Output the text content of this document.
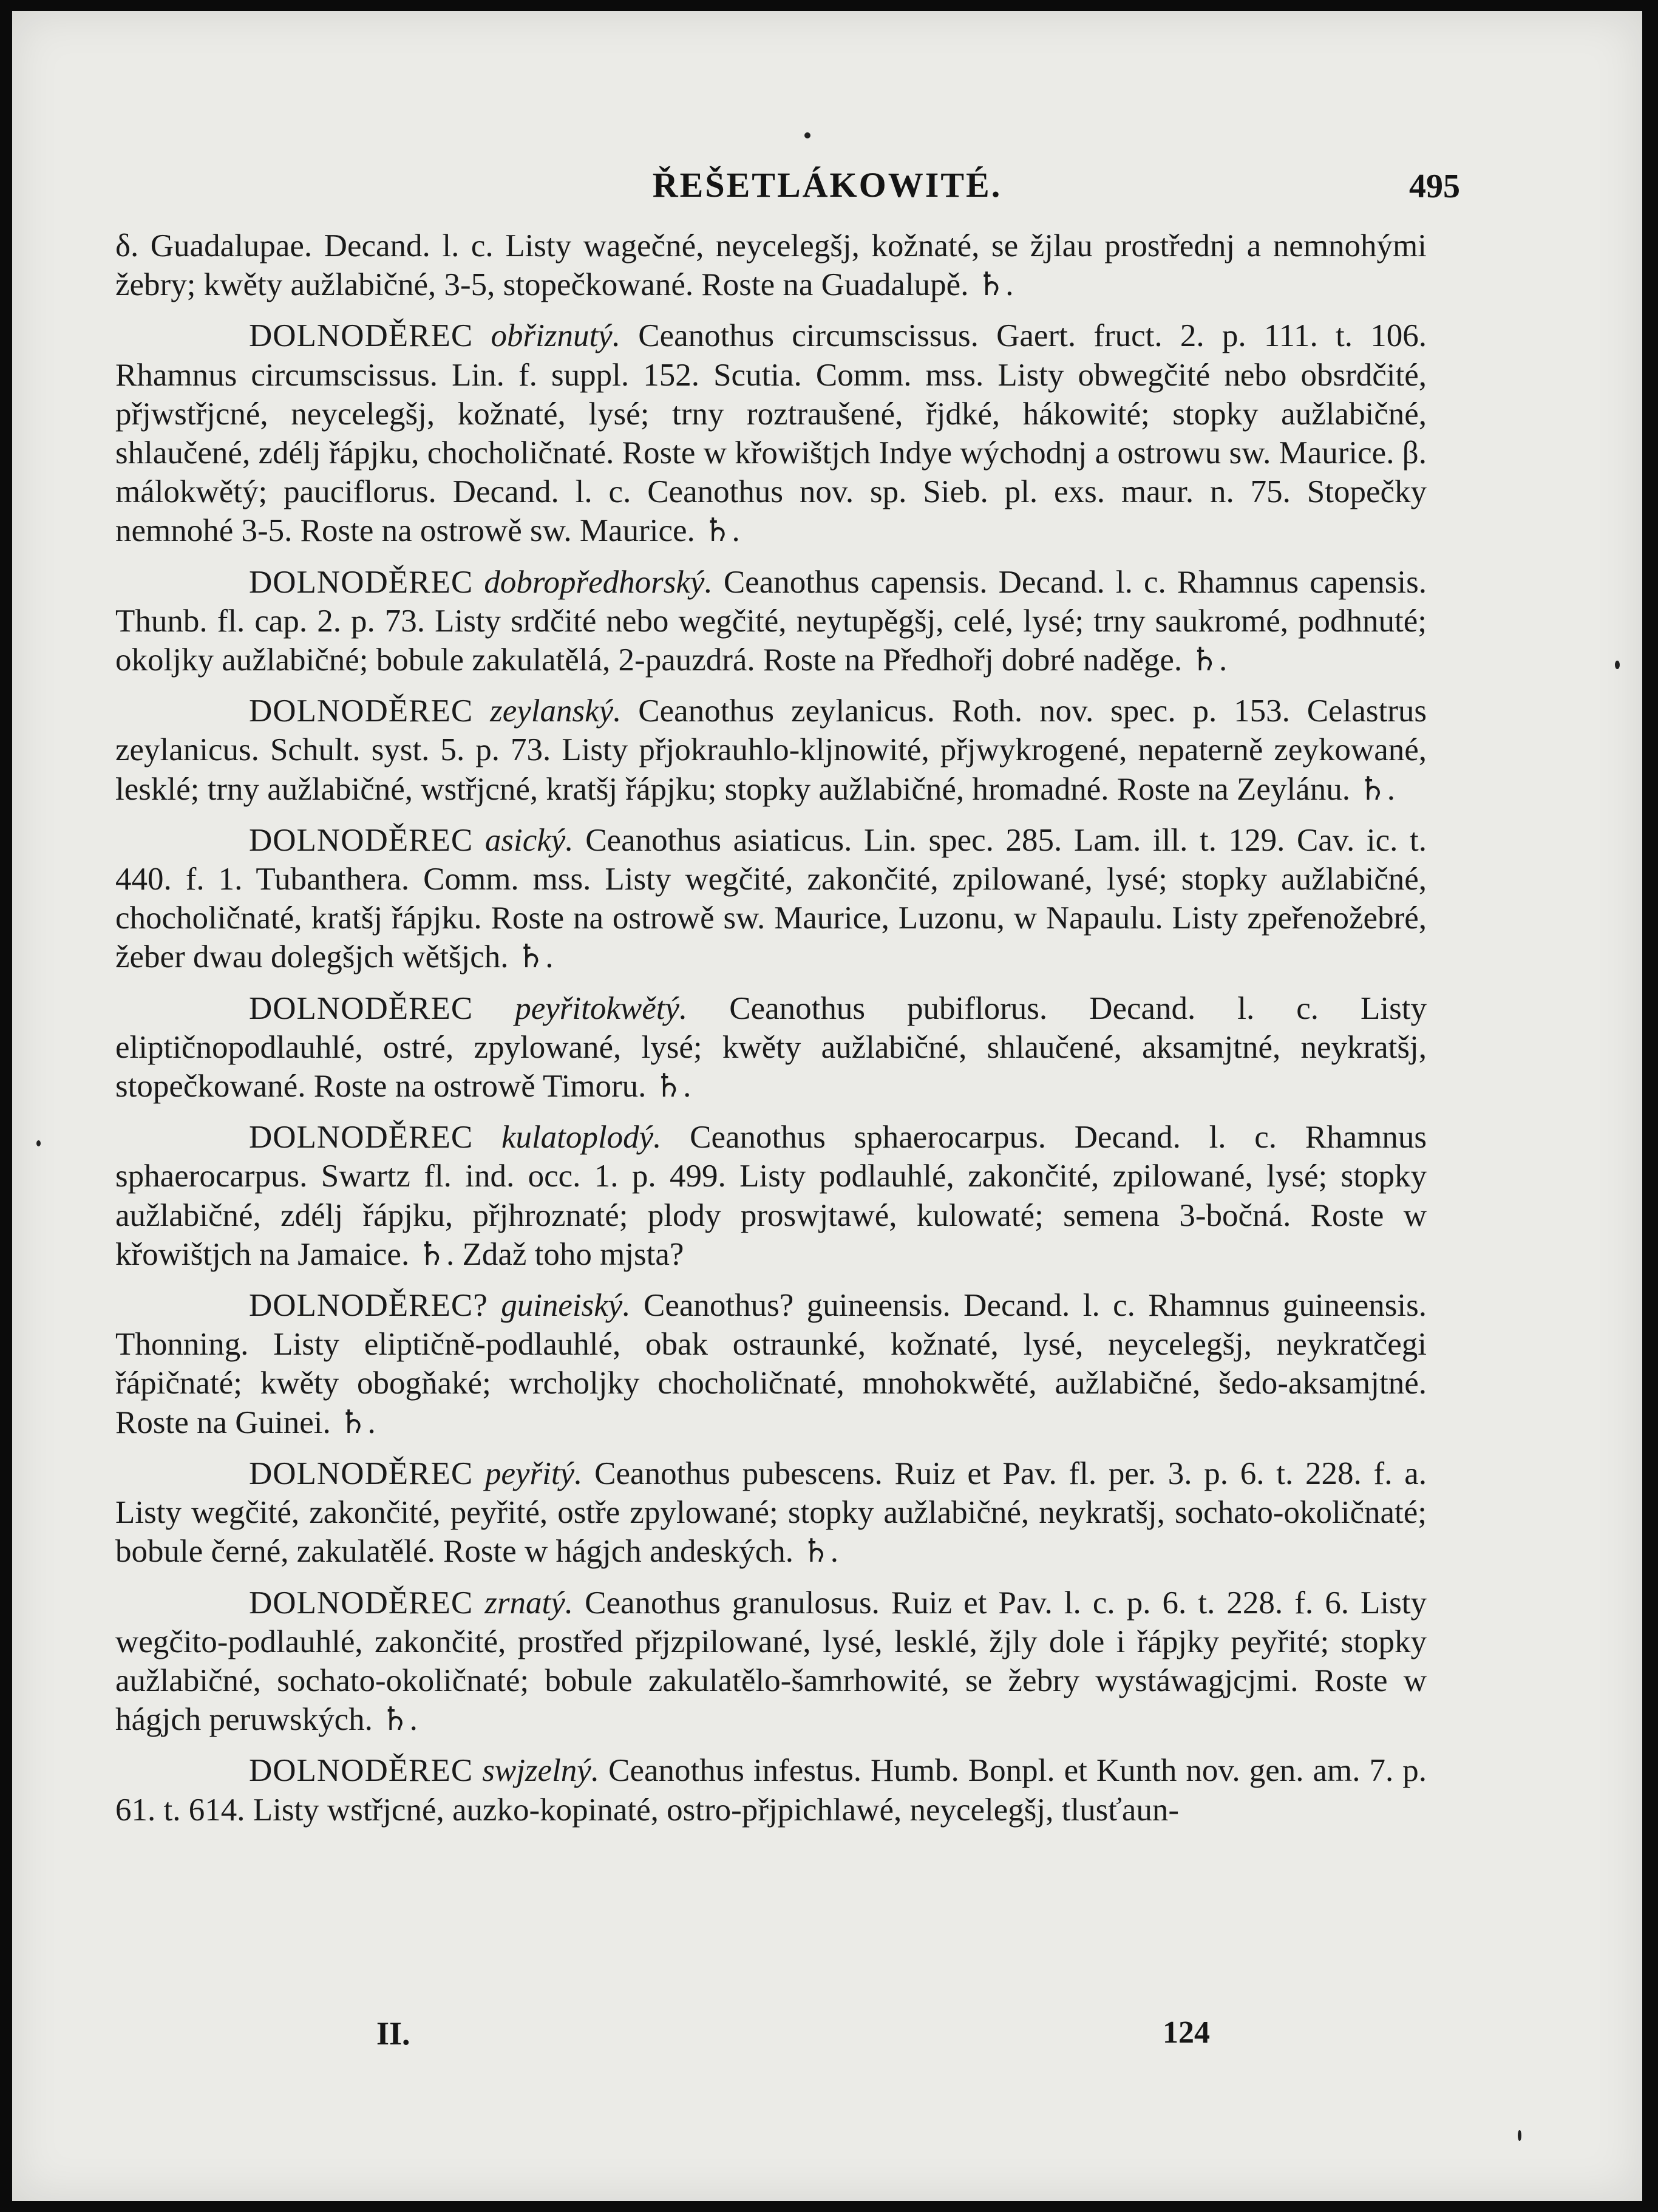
ŘEŠETLÁKOWITÉ.	495

δ. Guadalupae. Decand. l. c. Listy wagečné, neycelegšj, kožnaté, se žjlau prostřednj a nemnohými žebry; kwěty aužlabičné, 3-5, stopečkowané. Roste na Guadalupě. ♄.

DOLNODĚREC obřiznutý. Ceanothus circumscissus. Gaert. fruct. 2. p. 111. t. 106. Rhamnus circumscissus. Lin. f. suppl. 152. Scutia. Comm. mss. Listy obwegčité nebo obsrdčité, přjwstřjcné, neycelegšj, kožnaté, lysé; trny roztraušené, řjdké, hákowité; stopky aužlabičné, shlaučené, zdélj řápjku, chocholičnaté. Roste w křowištjch Indye wýchodnj a ostrowu sw. Maurice. β. málokwětý; pauciflorus. Decand. l. c. Ceanothus nov. sp. Sieb. pl. exs. maur. n. 75. Stopečky nemnohé 3-5. Roste na ostrowě sw. Maurice. ♄.

DOLNODĚREC dobropředhorský. Ceanothus capensis. Decand. l. c. Rhamnus capensis. Thunb. fl. cap. 2. p. 73. Listy srdčité nebo wegčité, neytupěgšj, celé, lysé; trny saukromé, podhnuté; okoljky aužlabičné; bobule zakulatělá, 2-pauzdrá. Roste na Předhořj dobré naděge. ♄.

DOLNODĚREC zeylanský. Ceanothus zeylanicus. Roth. nov. spec. p. 153. Celastrus zeylanicus. Schult. syst. 5. p. 73. Listy přjokrauhlo-kljnowité, přjwykrogené, nepaterně zeykowané, lesklé; trny aužlabičné, wstřjcné, kratšj řápjku; stopky aužlabičné, hromadné. Roste na Zeylánu. ♄.

DOLNODĚREC asický. Ceanothus asiaticus. Lin. spec. 285. Lam. ill. t. 129. Cav. ic. t. 440. f. 1. Tubanthera. Comm. mss. Listy wegčité, zakončité, zpilowané, lysé; stopky aužlabičné, chocholičnaté, kratšj řápjku. Roste na ostrowě sw. Maurice, Luzonu, w Napaulu. Listy zpeřenožebré, žeber dwau dolegšjch wětšjch. ♄.

DOLNODĚREC peyřitokwětý. Ceanothus pubiflorus. Decand. l. c. Listy eliptičnopodlauhlé, ostré, zpylowané, lysé; kwěty aužlabičné, shlaučené, aksamjtné, neykratšj, stopečkowané. Roste na ostrowě Timoru. ♄.

DOLNODĚREC kulatoplodý. Ceanothus sphaerocarpus. Decand. l. c. Rhamnus sphaerocarpus. Swartz fl. ind. occ. 1. p. 499. Listy podlauhlé, zakončité, zpilowané, lysé; stopky aužlabičné, zdélj řápjku, přjhroznaté; plody proswjtawé, kulowaté; semena 3-bočná. Roste w křowištjch na Jamaice. ♄. Zdaž toho mjsta?

DOLNODĚREC? guineiský. Ceanothus? guineensis. Decand. l. c. Rhamnus guineensis. Thonning. Listy eliptičně-podlauhlé, obak ostraunké, kožnaté, lysé, neycelegšj, neykratčegi řápičnaté; kwěty obogňaké; wrcholjky chocholičnaté, mnohokwěté, aužlabičné, šedo-aksamjtné. Roste na Guinei. ♄.

DOLNODĚREC peyřitý. Ceanothus pubescens. Ruiz et Pav. fl. per. 3. p. 6. t. 228. f. a. Listy wegčité, zakončité, peyřité, ostře zpylowané; stopky aužlabičné, neykratšj, sochato-okoličnaté; bobule černé, zakulatělé. Roste w hágjch andeských. ♄.

DOLNODĚREC zrnatý. Ceanothus granulosus. Ruiz et Pav. l. c. p. 6. t. 228. f. 6. Listy wegčito-podlauhlé, zakončité, prostřed přjzpilowané, lysé, lesklé, žjly dole i řápjky peyřité; stopky aužlabičné, sochato-okoličnaté; bobule zakulatělo-šamrhowité, se žebry wystáwagjcjmi. Roste w hágjch peruwských. ♄.

DOLNODĚREC swjzelný. Ceanothus infestus. Humb. Bonpl. et Kunth nov. gen. am. 7. p. 61. t. 614. Listy wstřjcné, auzko-kopinaté, ostro-přjpichlawé, neycelegšj, tlusťaun-

II.	124
